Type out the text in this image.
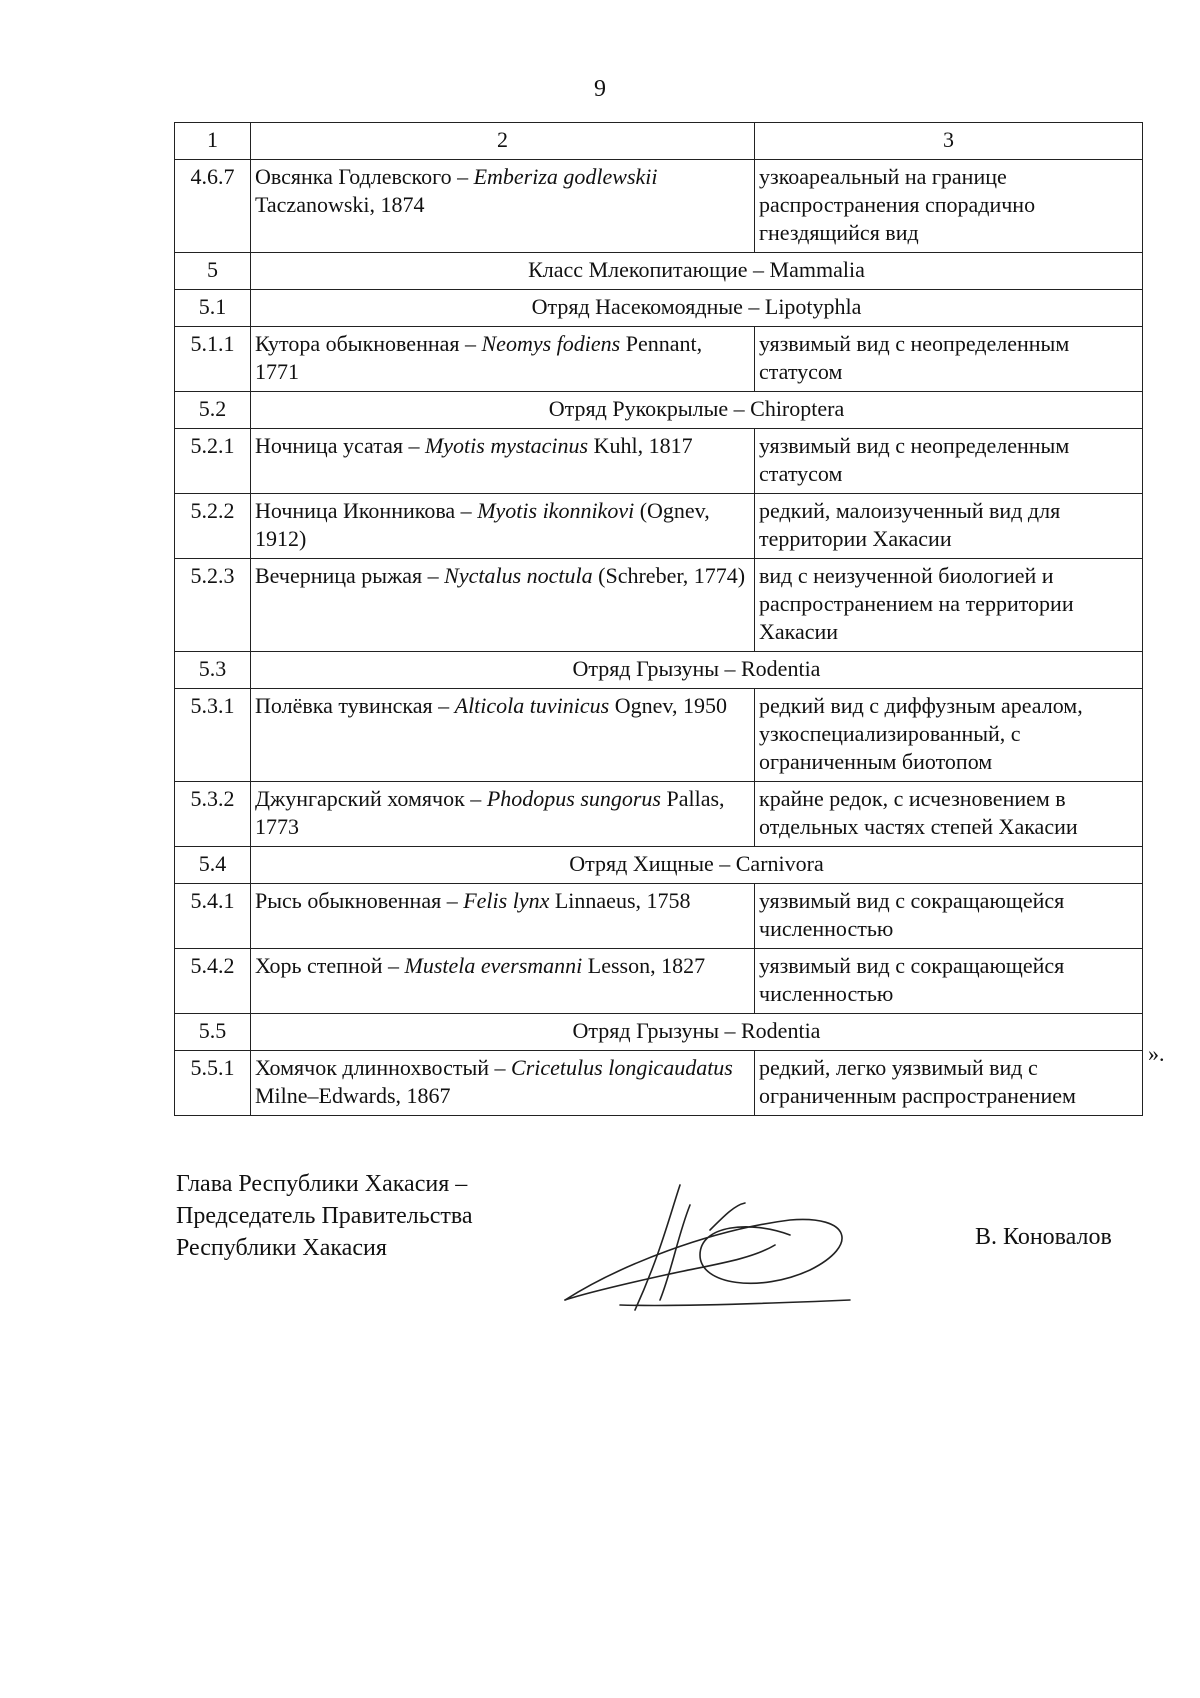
9
1	2	3
4.6.7	Овсянка Годлевского – Emberiza godlewskii Taczanowski, 1874	узкоареальный на границе распространения спорадично гнездящийся вид
5	Класс Млекопитающие – Mammalia	
5.1	Отряд Насекомоядные – Lipotyphla	
5.1.1	Кутора обыкновенная – Neomys fodiens Pennant, 1771	уязвимый вид с неопределенным статусом
5.2	Отряд Рукокрылые – Chiroptera	
5.2.1	Ночница усатая – Myotis mystacinus Kuhl, 1817	уязвимый вид с неопределенным статусом
5.2.2	Ночница Иконникова – Myotis ikonnikovi (Ognev, 1912)	редкий, малоизученный вид для территории Хакасии
5.2.3	Вечерница рыжая – Nyctalus noctula (Schreber, 1774)	вид с неизученной биологией и распространением на территории Хакасии
5.3	Отряд Грызуны – Rodentia	
5.3.1	Полёвка тувинская – Alticola tuvinicus Ognev, 1950	редкий вид с диффузным ареалом, узкоспециализированный, с ограниченным биотопом
5.3.2	Джунгарский хомячок – Phodopus sungorus Pallas, 1773	крайне редок, с исчезновением в отдельных частях степей Хакасии
5.4	Отряд Хищные – Carnivora	
5.4.1	Рысь обыкновенная – Felis lynx Linnaeus, 1758	уязвимый вид с сокращающейся численностью
5.4.2	Хорь степной – Mustela eversmanni Lesson, 1827	уязвимый вид с сокращающейся численностью
5.5	Отряд Грызуны – Rodentia	
5.5.1	Хомячок длиннохвостый – Cricetulus longicaudatus Milne–Edwards, 1867	редкий, легко уязвимый вид с ограниченным распространением
».
Глава Республики Хакасия –
Председатель Правительства
Республики Хакасия	В. Коновалов
